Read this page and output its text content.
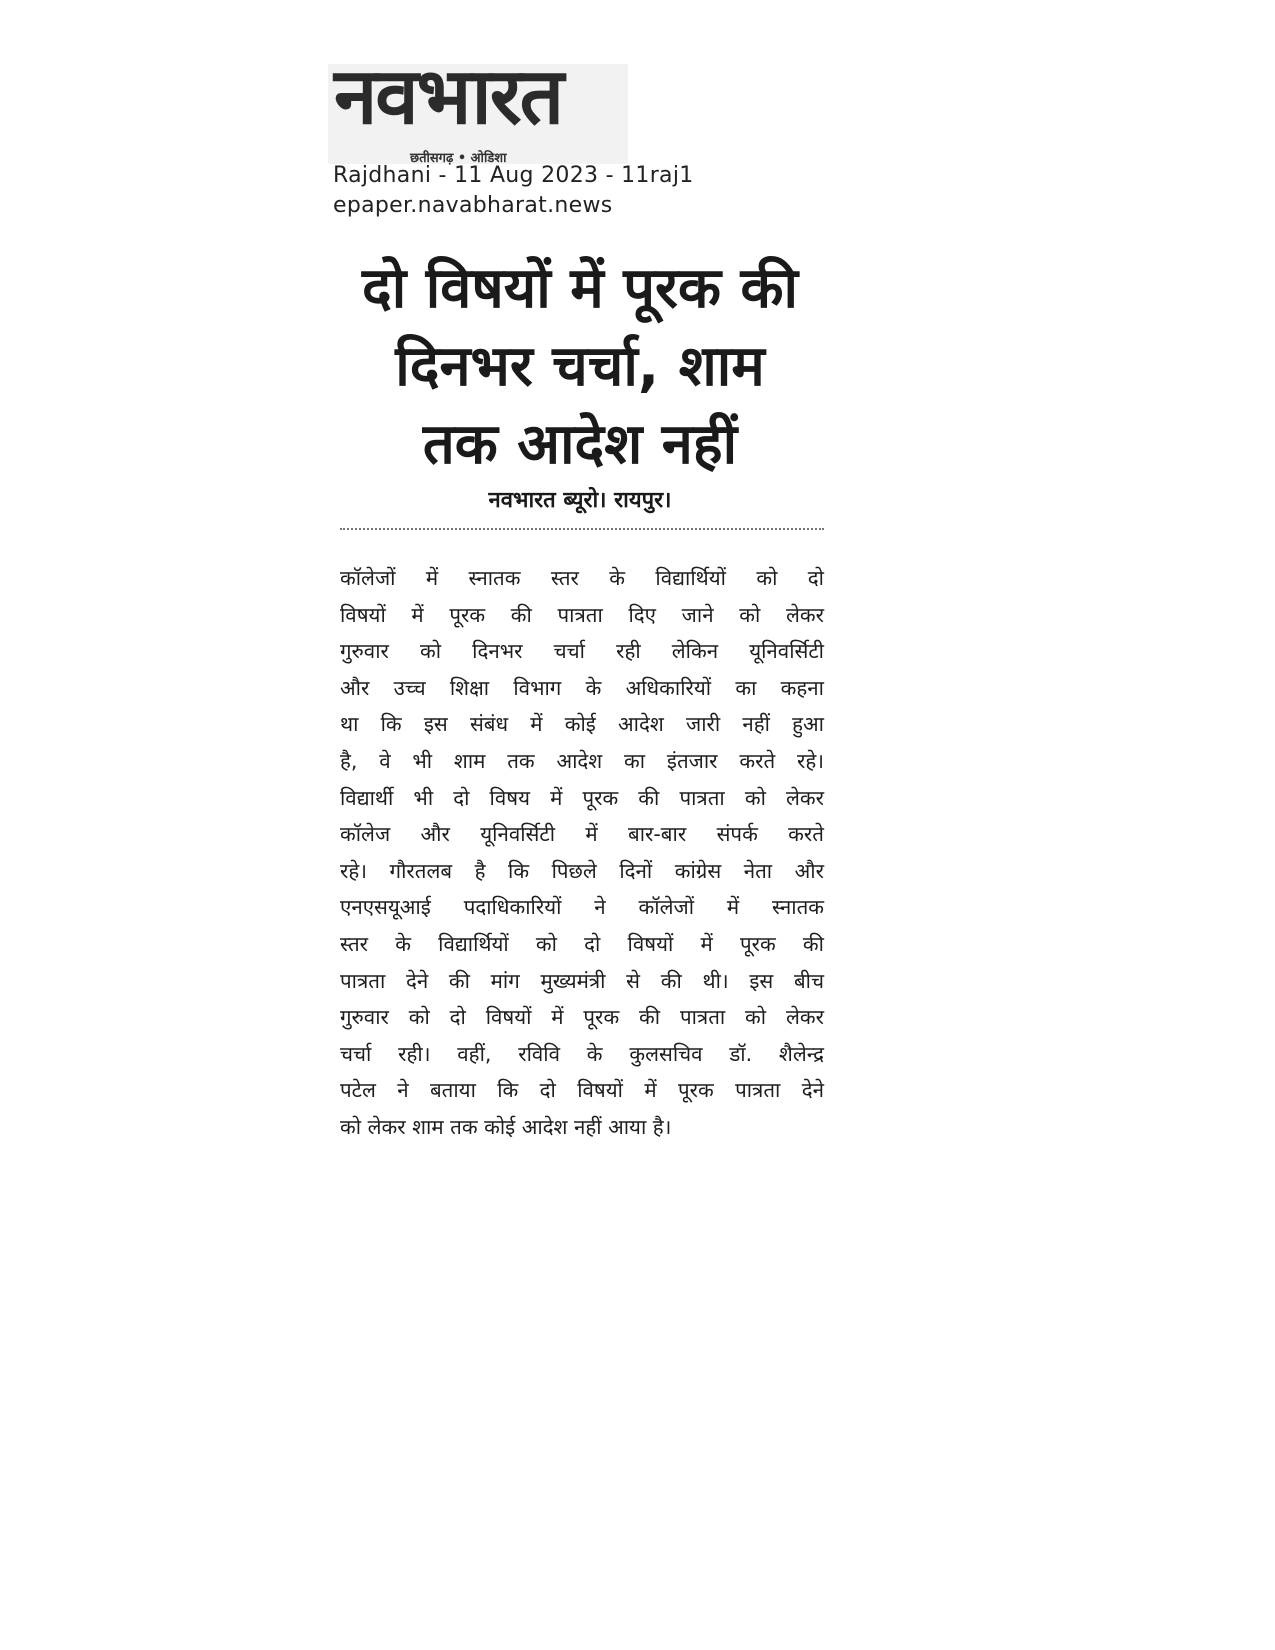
नवभारत
छतीसगढ़ • ओडिशा
Rajdhani - 11 Aug 2023 - 11raj1
epaper.navabharat.news
दो विषयों में पूरक की
दिनभर चर्चा, शाम
तक आदेश नहीं
नवभारत ब्यूरो। रायपुर।
कॉलेजों में स्नातक स्तर के विद्यार्थियों को दो
विषयों में पूरक की पात्रता दिए जाने को लेकर
गुरुवार को दिनभर चर्चा रही लेकिन यूनिवर्सिटी
और उच्च शिक्षा विभाग के अधिकारियों का कहना
था कि इस संबंध में कोई आदेश जारी नहीं हुआ
है, वे भी शाम तक आदेश का इंतजार करते रहे।
विद्यार्थी भी दो विषय में पूरक की पात्रता को लेकर
कॉलेज और यूनिवर्सिटी में बार-बार संपर्क करते
रहे। गौरतलब है कि पिछले दिनों कांग्रेस नेता और
एनएसयूआई पदाधिकारियों ने कॉलेजों में स्नातक
स्तर के विद्यार्थियों को दो विषयों में पूरक की
पात्रता देने की मांग मुख्यमंत्री से की थी। इस बीच
गुरुवार को दो विषयों में पूरक की पात्रता को लेकर
चर्चा रही। वहीं, रविवि के कुलसचिव डॉ. शैलेन्द्र
पटेल ने बताया कि दो विषयों में पूरक पात्रता देने
को लेकर शाम तक कोई आदेश नहीं आया है।
